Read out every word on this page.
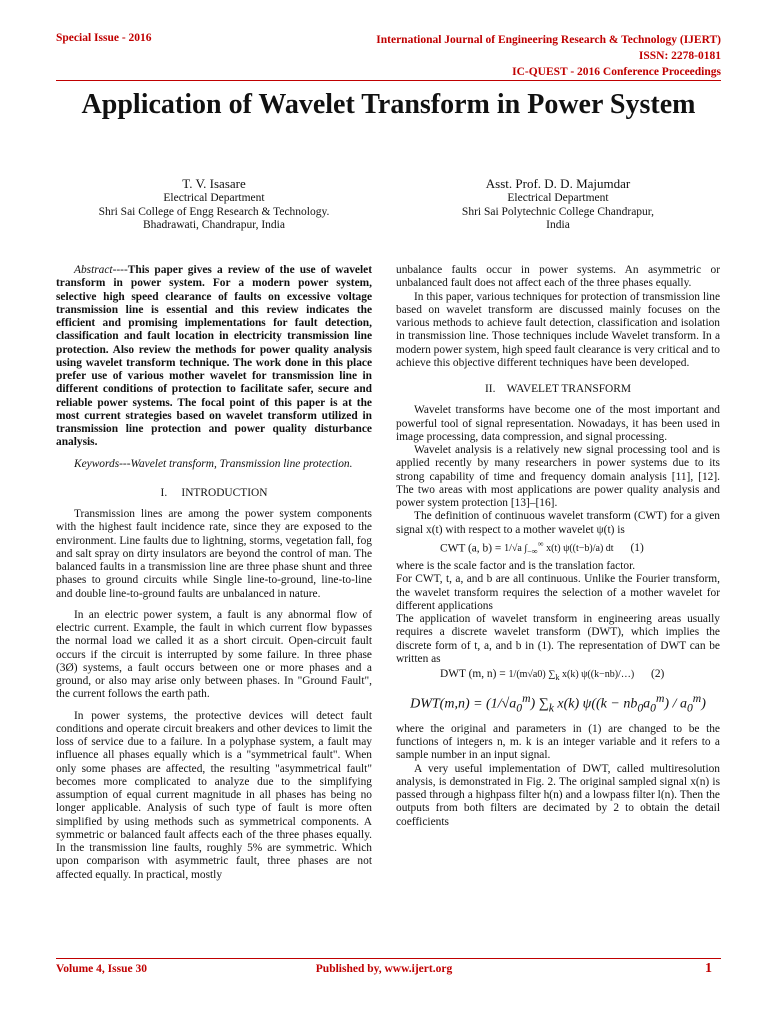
Special Issue - 2016	International Journal of Engineering Research & Technology (IJERT)
ISSN: 2278-0181
IC-QUEST - 2016 Conference Proceedings
Application of Wavelet Transform in Power System
T. V. Isasare
Electrical Department
Shri Sai College of Engg Research & Technology.
Bhadrawati, Chandrapur, India
Asst. Prof. D. D. Majumdar
Electrical Department
Shri Sai Polytechnic College Chandrapur,
India

Abstract----This paper gives a review of the use of wavelet transform in power system. For a modern power system, selective high speed clearance of faults on excessive voltage transmission line is essential and this review indicates the efficient and promising implementations for fault detection, classification and fault location in electricity transmission line protection. Also review the methods for power quality analysis using wavelet transform technique. The work done in this place prefer use of various mother wavelet for transmission line in different conditions of protection to facilitate safer, secure and reliable power systems. The focal point of this paper is at the most current strategies based on wavelet transform utilized in transmission line protection and power quality disturbance analysis.

Keywords---Wavelet transform, Transmission line protection.

I.     INTRODUCTION

Transmission lines are among the power system components with the highest fault incidence rate, since they are exposed to the environment. Line faults due to lightning, storms, vegetation fall, fog and salt spray on dirty insulators are beyond the control of man. The balanced faults in a transmission line are three phase shunt and three phases to ground circuits while Single line-to-ground, line-to-line and double line-to-ground faults are unbalanced in nature.

In an electric power system, a fault is any abnormal flow of electric current. Example, the fault in which current flow bypasses the normal load we called it as a short circuit. Open-circuit fault occurs if the circuit is interrupted by some failure. In three phase (3Ø) systems, a fault occurs between one or more phases and a ground, or also may arise only between phases. In "Ground Fault", the current follows the earth path.

In power systems, the protective devices will detect fault conditions and operate circuit breakers and other devices to limit the loss of service due to a failure. In a polyphase system, a fault may influence all phases equally which is a "symmetrical fault". When only some phases are affected, the resulting "asymmetrical fault" becomes more complicated to analyze due to the simplifying assumption of equal current magnitude in all phases has being no longer applicable. Analysis of such type of fault is more often simplified by using methods such as symmetrical components. A symmetric or balanced fault affects each of the three phases equally. In the transmission line faults, roughly 5% are symmetric. Which upon comparison with asymmetric fault, three phases are not affected equally. In practical, mostly

unbalance faults occur in power systems. An asymmetric or unbalanced fault does not affect each of the three phases equally.

In this paper, various techniques for protection of transmission line based on wavelet transform are discussed mainly focuses on the various methods to achieve fault detection, classification and isolation in transmission line. Those techniques include Wavelet transform. In a modern power system, high speed fault clearance is very critical and to achieve this objective different techniques have been developed.

II.    WAVELET TRANSFORM

Wavelet transforms have become one of the most important and powerful tool of signal representation. Nowadays, it has been used in image processing, data compression, and signal processing.

Wavelet analysis is a relatively new signal processing tool and is applied recently by many researchers in power systems due to its strong capability of time and frequency domain analysis [11], [12]. The two areas with most applications are power quality analysis and power system protection [13]–[16].

The definition of continuous wavelet transform (CWT) for a given signal x(t) with respect to a mother wavelet ψ(t) is

CWT (a, b) = 1/√a $\int_{-\infty}^\infty$ x(t) ψ((t−b)/a) dt (1)

where is the scale factor and is the translation factor.

For CWT, t, a, and b are all continuous. Unlike the Fourier transform, the wavelet transform requires the selection of a mother wavelet for different applications

The application of wavelet transform in engineering areas usually requires a discrete wavelet transform (DWT), which implies the discrete form of t, a, and b in (1). The representation of DWT can be written as

DWT (m, n) = 1/(m√a0) $\sum_k$ x(k) ψ((k−nb)/…) (2)
$DWT(m,n) = (1/√a_0^m)$ $\sum_k$ x(k) $\psi((k - nb_0a_0^m) / a_0^m)$

where the original and parameters in (1) are changed to be the functions of integers n, m. k is an integer variable and it refers to a sample number in an input signal.

A very useful implementation of DWT, called multiresolution analysis, is demonstrated in Fig. 2. The original sampled signal x(n) is passed through a highpass filter h(n) and a lowpass filter l(n). Then the outputs from both filters are decimated by 2 to obtain the detail coefficients

Volume 4, Issue 30	Published by, www.ijert.org	1
